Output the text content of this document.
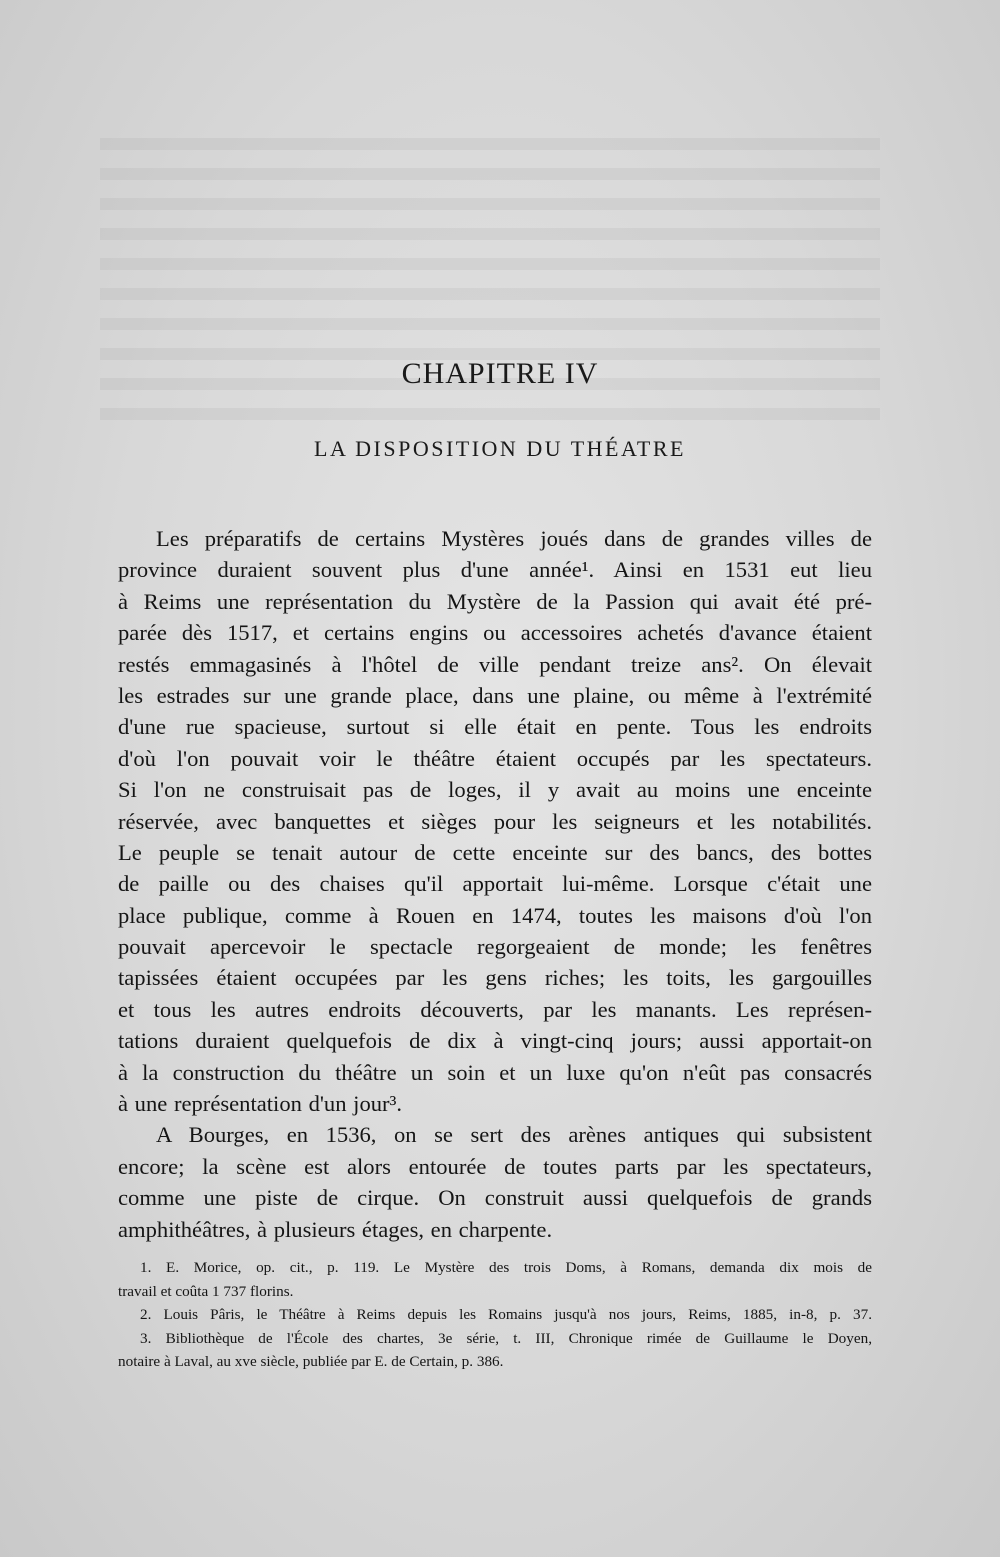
CHAPITRE IV
LA DISPOSITION DU THÉATRE
Les préparatifs de certains Mystères joués dans de grandes villes de
province duraient souvent plus d'une année¹. Ainsi en 1531 eut lieu
à Reims une représentation du Mystère de la Passion qui avait été pré-
parée dès 1517, et certains engins ou accessoires achetés d'avance étaient
restés emmagasinés à l'hôtel de ville pendant treize ans². On élevait
les estrades sur une grande place, dans une plaine, ou même à l'extrémité
d'une rue spacieuse, surtout si elle était en pente. Tous les endroits
d'où l'on pouvait voir le théâtre étaient occupés par les spectateurs.
Si l'on ne construisait pas de loges, il y avait au moins une enceinte
réservée, avec banquettes et sièges pour les seigneurs et les notabilités.
Le peuple se tenait autour de cette enceinte sur des bancs, des bottes
de paille ou des chaises qu'il apportait lui-même. Lorsque c'était une
place publique, comme à Rouen en 1474, toutes les maisons d'où l'on
pouvait apercevoir le spectacle regorgeaient de monde; les fenêtres
tapissées étaient occupées par les gens riches; les toits, les gargouilles
et tous les autres endroits découverts, par les manants. Les représen-
tations duraient quelquefois de dix à vingt-cinq jours; aussi apportait-on
à la construction du théâtre un soin et un luxe qu'on n'eût pas consacrés
à une représentation d'un jour³.
A Bourges, en 1536, on se sert des arènes antiques qui subsistent
encore; la scène est alors entourée de toutes parts par les spectateurs,
comme une piste de cirque. On construit aussi quelquefois de grands
amphithéâtres, à plusieurs étages, en charpente.
1. E. Morice, op. cit., p. 119. Le Mystère des trois Doms, à Romans, demanda dix mois de
travail et coûta 1 737 florins.
2. Louis Pâris, le Théâtre à Reims depuis les Romains jusqu'à nos jours, Reims, 1885, in-8, p. 37.
3. Bibliothèque de l'École des chartes, 3e série, t. III, Chronique rimée de Guillaume le Doyen,
notaire à Laval, au xve siècle, publiée par E. de Certain, p. 386.
